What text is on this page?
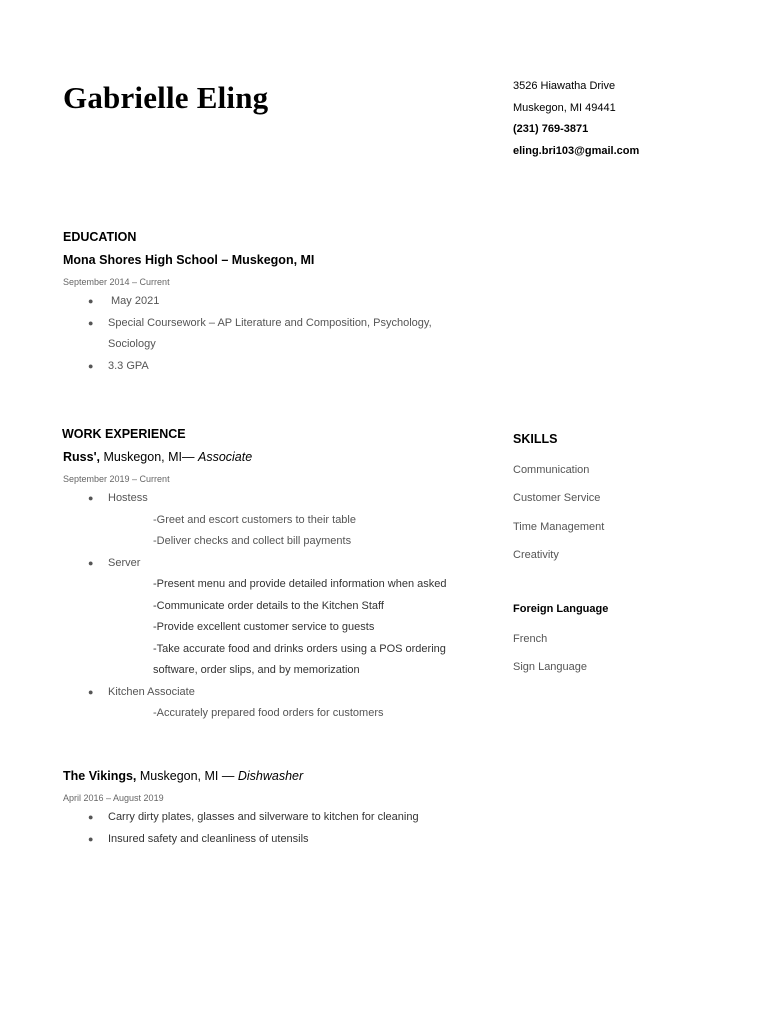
Gabrielle Eling	3526 Hiawatha Drive
Muskegon, MI 49441
(231) 769-3871
eling.bri103@gmail.com
EDUCATION
Mona Shores High School – Muskegon, MI
September 2014 – Current
● May 2021
● Special Coursework – AP Literature and Composition, Psychology,
Sociology
● 3.3 GPA
WORK EXPERIENCE
Russ', Muskegon, MI— Associate
September 2019 – Current
● Hostess
-Greet and escort customers to their table
-Deliver checks and collect bill payments
● Server
-Present menu and provide detailed information when asked
-Communicate order details to the Kitchen Staff
-Provide excellent customer service to guests
-Take accurate food and drinks orders using a POS ordering
software, order slips, and by memorization
● Kitchen Associate
-Accurately prepared food orders for customers
The Vikings, Muskegon, MI — Dishwasher
April 2016 – August 2019
● Carry dirty plates, glasses and silverware to kitchen for cleaning
● Insured safety and cleanliness of utensils
SKILLS
Communication
Customer Service
Time Management
Creativity
Foreign Language
French
Sign Language
